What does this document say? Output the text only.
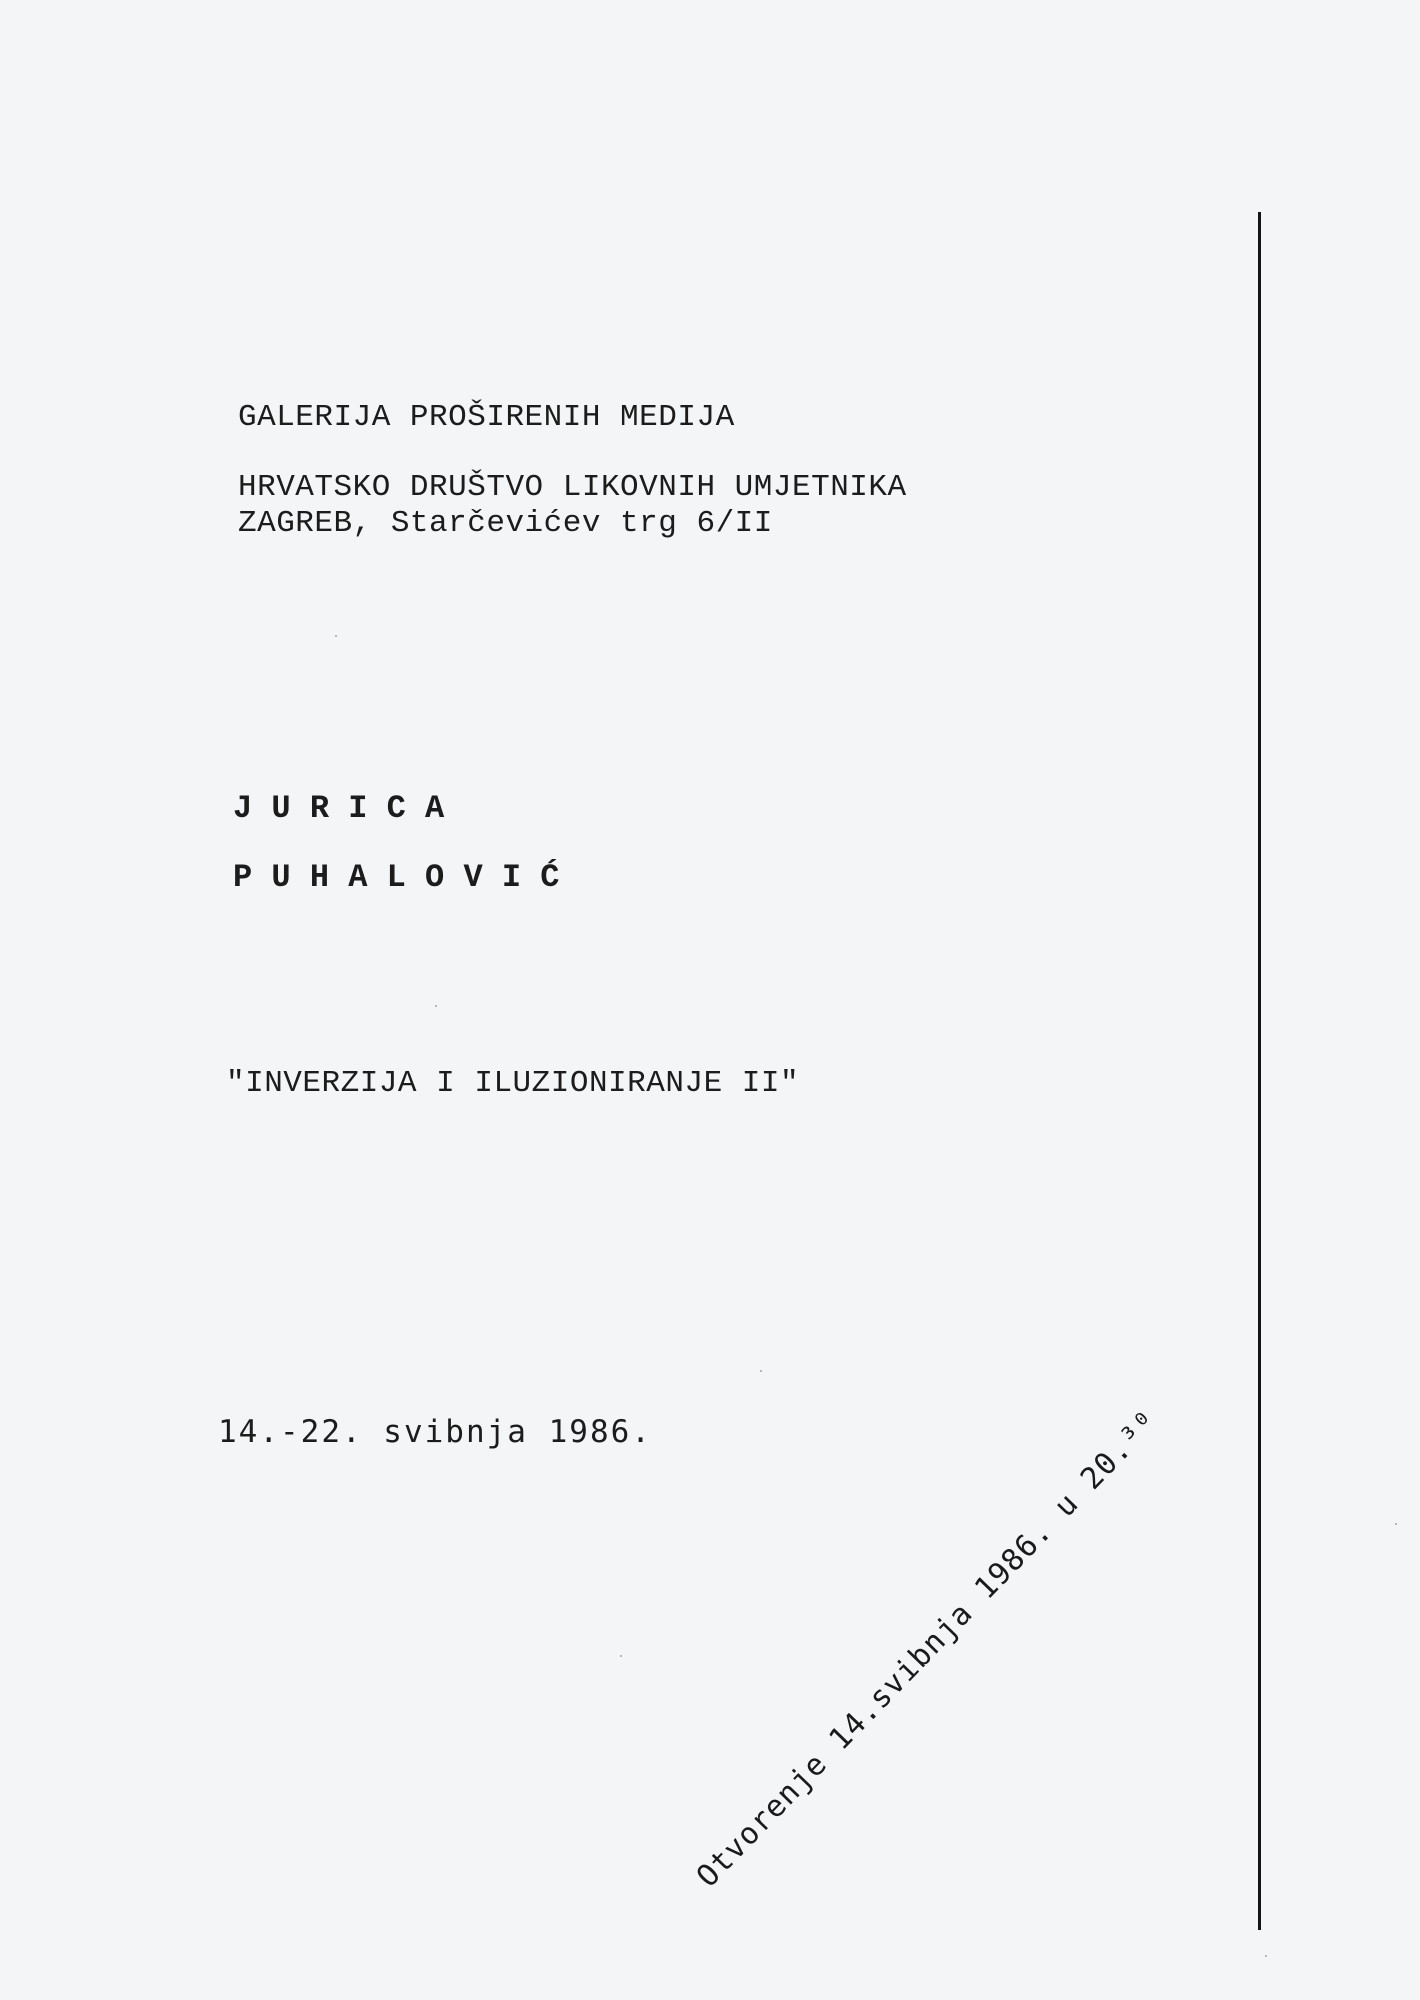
GALERIJA PROŠIRENIH MEDIJA
HRVATSKO DRUŠTVO LIKOVNIH UMJETNIKA
ZAGREB, Starčevićev trg 6/II
J U R I C A
P U H A L O V I Ć
"INVERZIJA I ILUZIONIRANJE II"
14.-22. svibnja 1986. Otvorenje 14.svibnja 1986. u 20.³⁰
